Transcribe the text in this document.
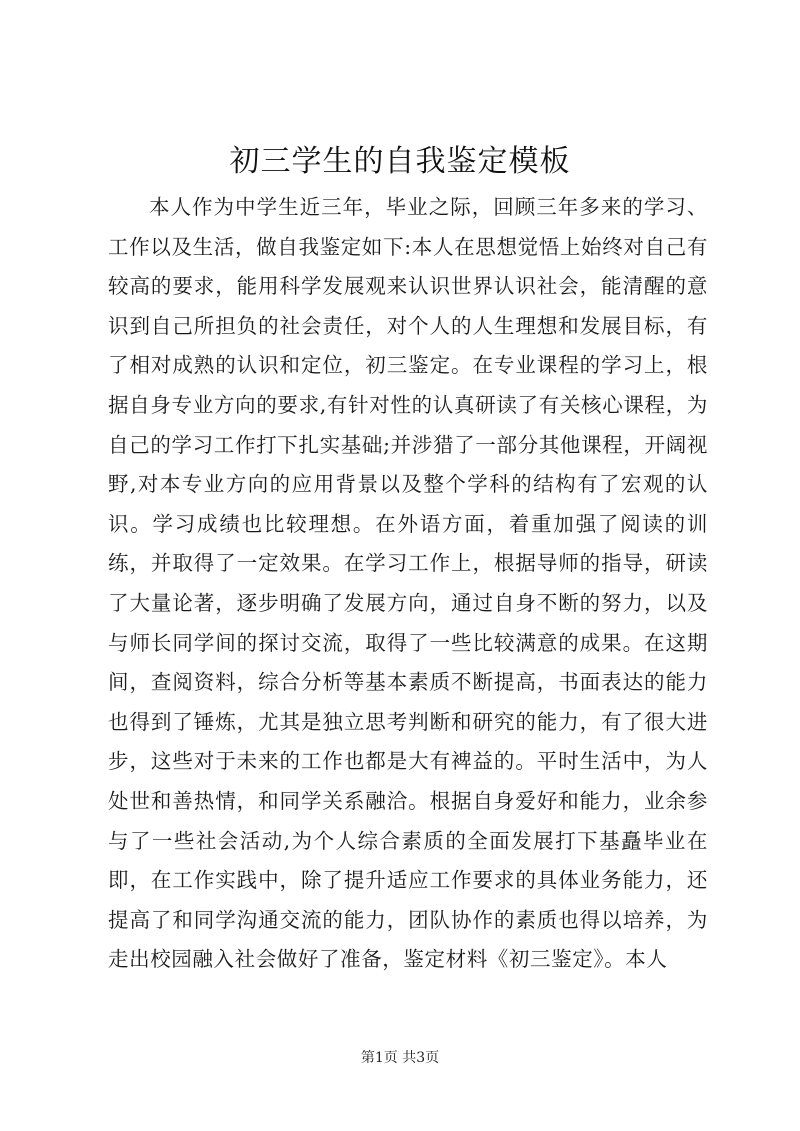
初三学生的自我鉴定模板

本人作为中学生近三年，毕业之际，回顾三年多来的学习、工作以及生活，做自我鉴定如下:本人在思想觉悟上始终对自己有较高的要求，能用科学发展观来认识世界认识社会，能清醒的意识到自己所担负的社会责任，对个人的人生理想和发展目标，有了相对成熟的认识和定位，初三鉴定。在专业课程的学习上，根据自身专业方向的要求,有针对性的认真研读了有关核心课程，为自己的学习工作打下扎实基础;并涉猎了一部分其他课程，开阔视野,对本专业方向的应用背景以及整个学科的结构有了宏观的认识。学习成绩也比较理想。在外语方面，着重加强了阅读的训练，并取得了一定效果。在学习工作上，根据导师的指导，研读了大量论著，逐步明确了发展方向，通过自身不断的努力，以及与师长同学间的探讨交流，取得了一些比较满意的成果。在这期间，查阅资料，综合分析等基本素质不断提高，书面表达的能力也得到了锤炼，尤其是独立思考判断和研究的能力，有了很大进步，这些对于未来的工作也都是大有裨益的。平时生活中，为人处世和善热情，和同学关系融洽。根据自身爱好和能力，业余参与了一些社会活动,为个人综合素质的全面发展打下基矗毕业在即，在工作实践中，除了提升适应工作要求的具体业务能力，还提高了和同学沟通交流的能力，团队协作的素质也得以培养，为走出校园融入社会做好了准备，鉴定材料《初三鉴定》。本人

第1页 共3页
